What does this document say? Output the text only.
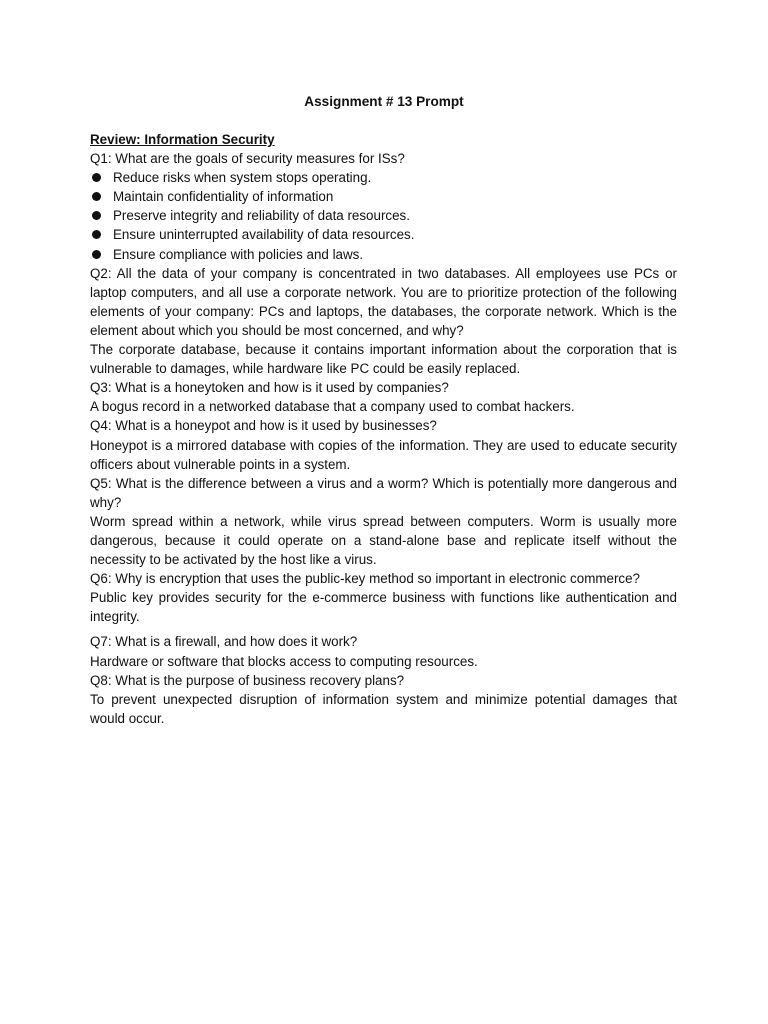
Assignment # 13 Prompt

Review: Information Security

Q1: What are the goals of security measures for ISs?

Reduce risks when system stops operating.
Maintain confidentiality of information
Preserve integrity and reliability of data resources.
Ensure uninterrupted availability of data resources.
Ensure compliance with policies and laws.

Q2: All the data of your company is concentrated in two databases. All employees use PCs or laptop computers, and all use a corporate network. You are to prioritize protection of the following elements of your company: PCs and laptops, the databases, the corporate network. Which is the element about which you should be most concerned, and why?

The corporate database, because it contains important information about the corporation that is vulnerable to damages, while hardware like PC could be easily replaced.

Q3: What is a honeytoken and how is it used by companies?

A bogus record in a networked database that a company used to combat hackers.

Q4: What is a honeypot and how is it used by businesses?

Honeypot is a mirrored database with copies of the information. They are used to educate security officers about vulnerable points in a system.

Q5: What is the difference between a virus and a worm? Which is potentially more dangerous and why?

Worm spread within a network, while virus spread between computers. Worm is usually more dangerous, because it could operate on a stand-alone base and replicate itself without the necessity to be activated by the host like a virus.

Q6: Why is encryption that uses the public-key method so important in electronic commerce?

Public key provides security for the e-commerce business with functions like authentication and integrity.

Q7: What is a firewall, and how does it work?

Hardware or software that blocks access to computing resources.

Q8: What is the purpose of business recovery plans?

To prevent unexpected disruption of information system and minimize potential damages that would occur.
